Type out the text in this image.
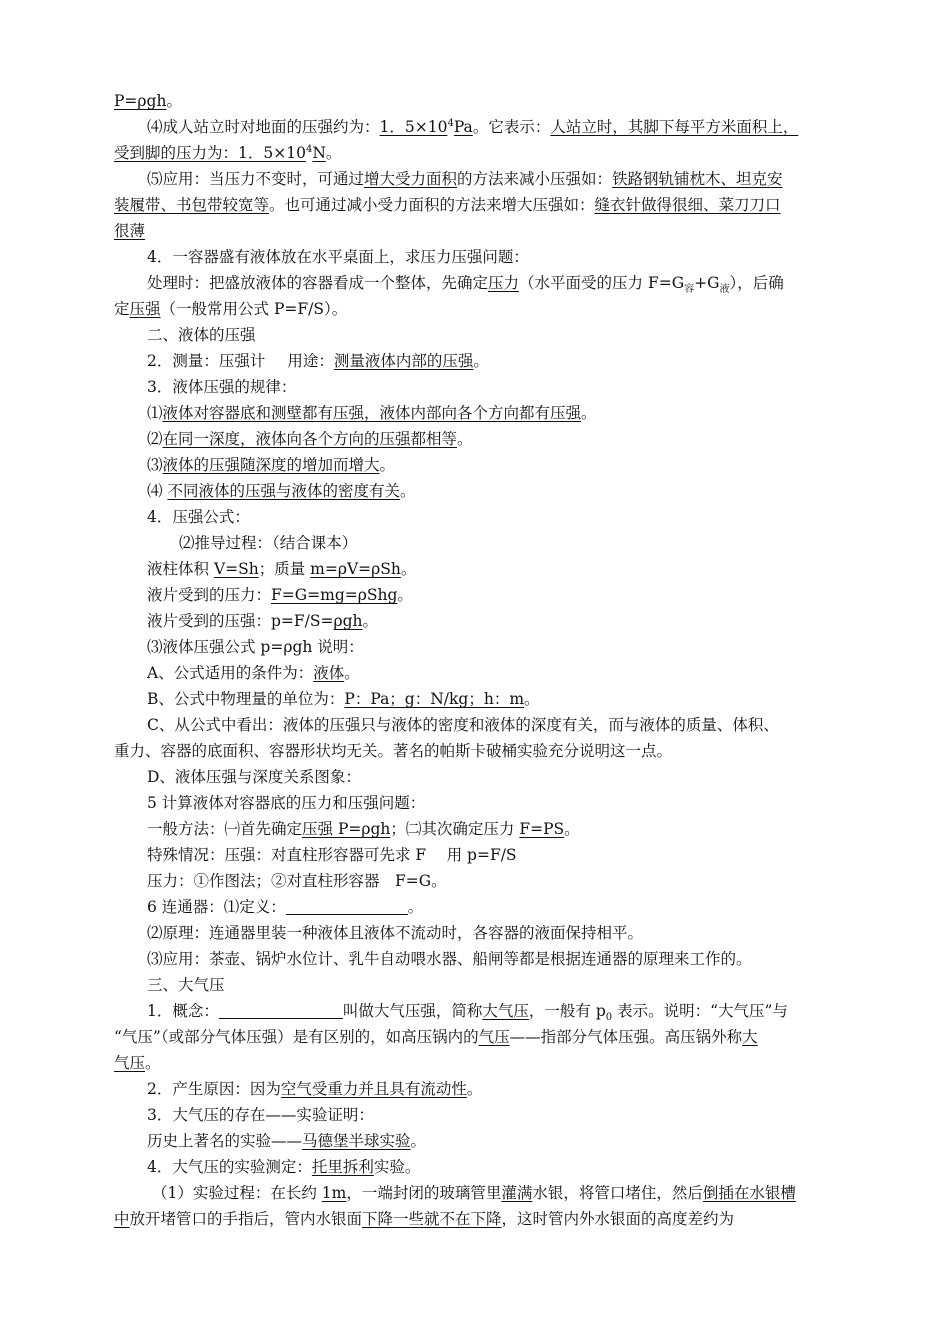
P=ρgh。

⑷成人站立时对地面的压强约为：1．$5\times 10^4Pa$。它表示：人站立时，其脚下每平方米面积上，

受到脚的压力为：1．$5\times 10^4N$。

⑸应用：当压力不变时，可通过增大受力面积的方法来减小压强如：铁路钢轨铺枕木、坦克安

装履带、书包带较宽等。也可通过减小受力面积的方法来增大压强如：缝衣针做得很细、菜刀刀口

很薄

4．一容器盛有液体放在水平桌面上，求压力压强问题：

处理时：把盛放液体的容器看成一个整体，先确定压力（水平面受的压力 $F=G_容+G_液$），后确

定压强（一般常用公式 P=F/S）。

二、液体的压强

2．测量：压强计 用途：测量液体内部的压强。

3．液体压强的规律：

⑴液体对容器底和测壁都有压强，液体内部向各个方向都有压强。

⑵在同一深度，液体向各个方向的压强都相等。

⑶液体的压强随深度的增加而增大。

⑷ 不同液体的压强与液体的密度有关。

4．压强公式：

⑵推导过程：（结合课本）

液柱体积 V=Sh；质量 m=ρV=ρSh。

液片受到的压力：F=G=mg=ρShg。

液片受到的压强：p=F/S=ρgh。

⑶液体压强公式 p=ρgh 说明：

A、公式适用的条件为：液体。

B、公式中物理量的单位为：P：Pa；g：N/kg；h：m。

C、从公式中看出：液体的压强只与液体的密度和液体的深度有关，而与液体的质量、体积、

重力、容器的底面积、容器形状均无关。著名的帕斯卡破桶实验充分说明这一点。

D、液体压强与深度关系图象：

5 计算液体对容器底的压力和压强问题：

一般方法：㈠首先确定压强 P=ρgh；㈡其次确定压力 F=PS。

特殊情况：压强：对直柱形容器可先求 F　 用 p=F/S

压力：①作图法；②对直柱形容器　F=G。

6 连通器：⑴定义：	。

⑵原理：连通器里装一种液体且液体不流动时，各容器的液面保持相平。

⑶应用：茶壶、锅炉水位计、乳牛自动喂水器、船闸等都是根据连通器的原理来工作的。

三、大气压

1．概念：	叫做大气压强，简称大气压，一般有 $p_0$ 表示。说明：“大气压”与

“气压”（或部分气体压强）是有区别的，如高压锅内的气压——指部分气体压强。高压锅外称大

气压。

2．产生原因：因为空气受重力并且具有流动性。

3．大气压的存在——实验证明：

历史上著名的实验——马德堡半球实验。

4．大气压的实验测定：托里拆利实验。

（1）实验过程：在长约 1m，一端封闭的玻璃管里灌满水银，将管口堵住，然后倒插在水银槽

中放开堵管口的手指后，管内水银面下降一些就不在下降，这时管内外水银面的高度差约为
